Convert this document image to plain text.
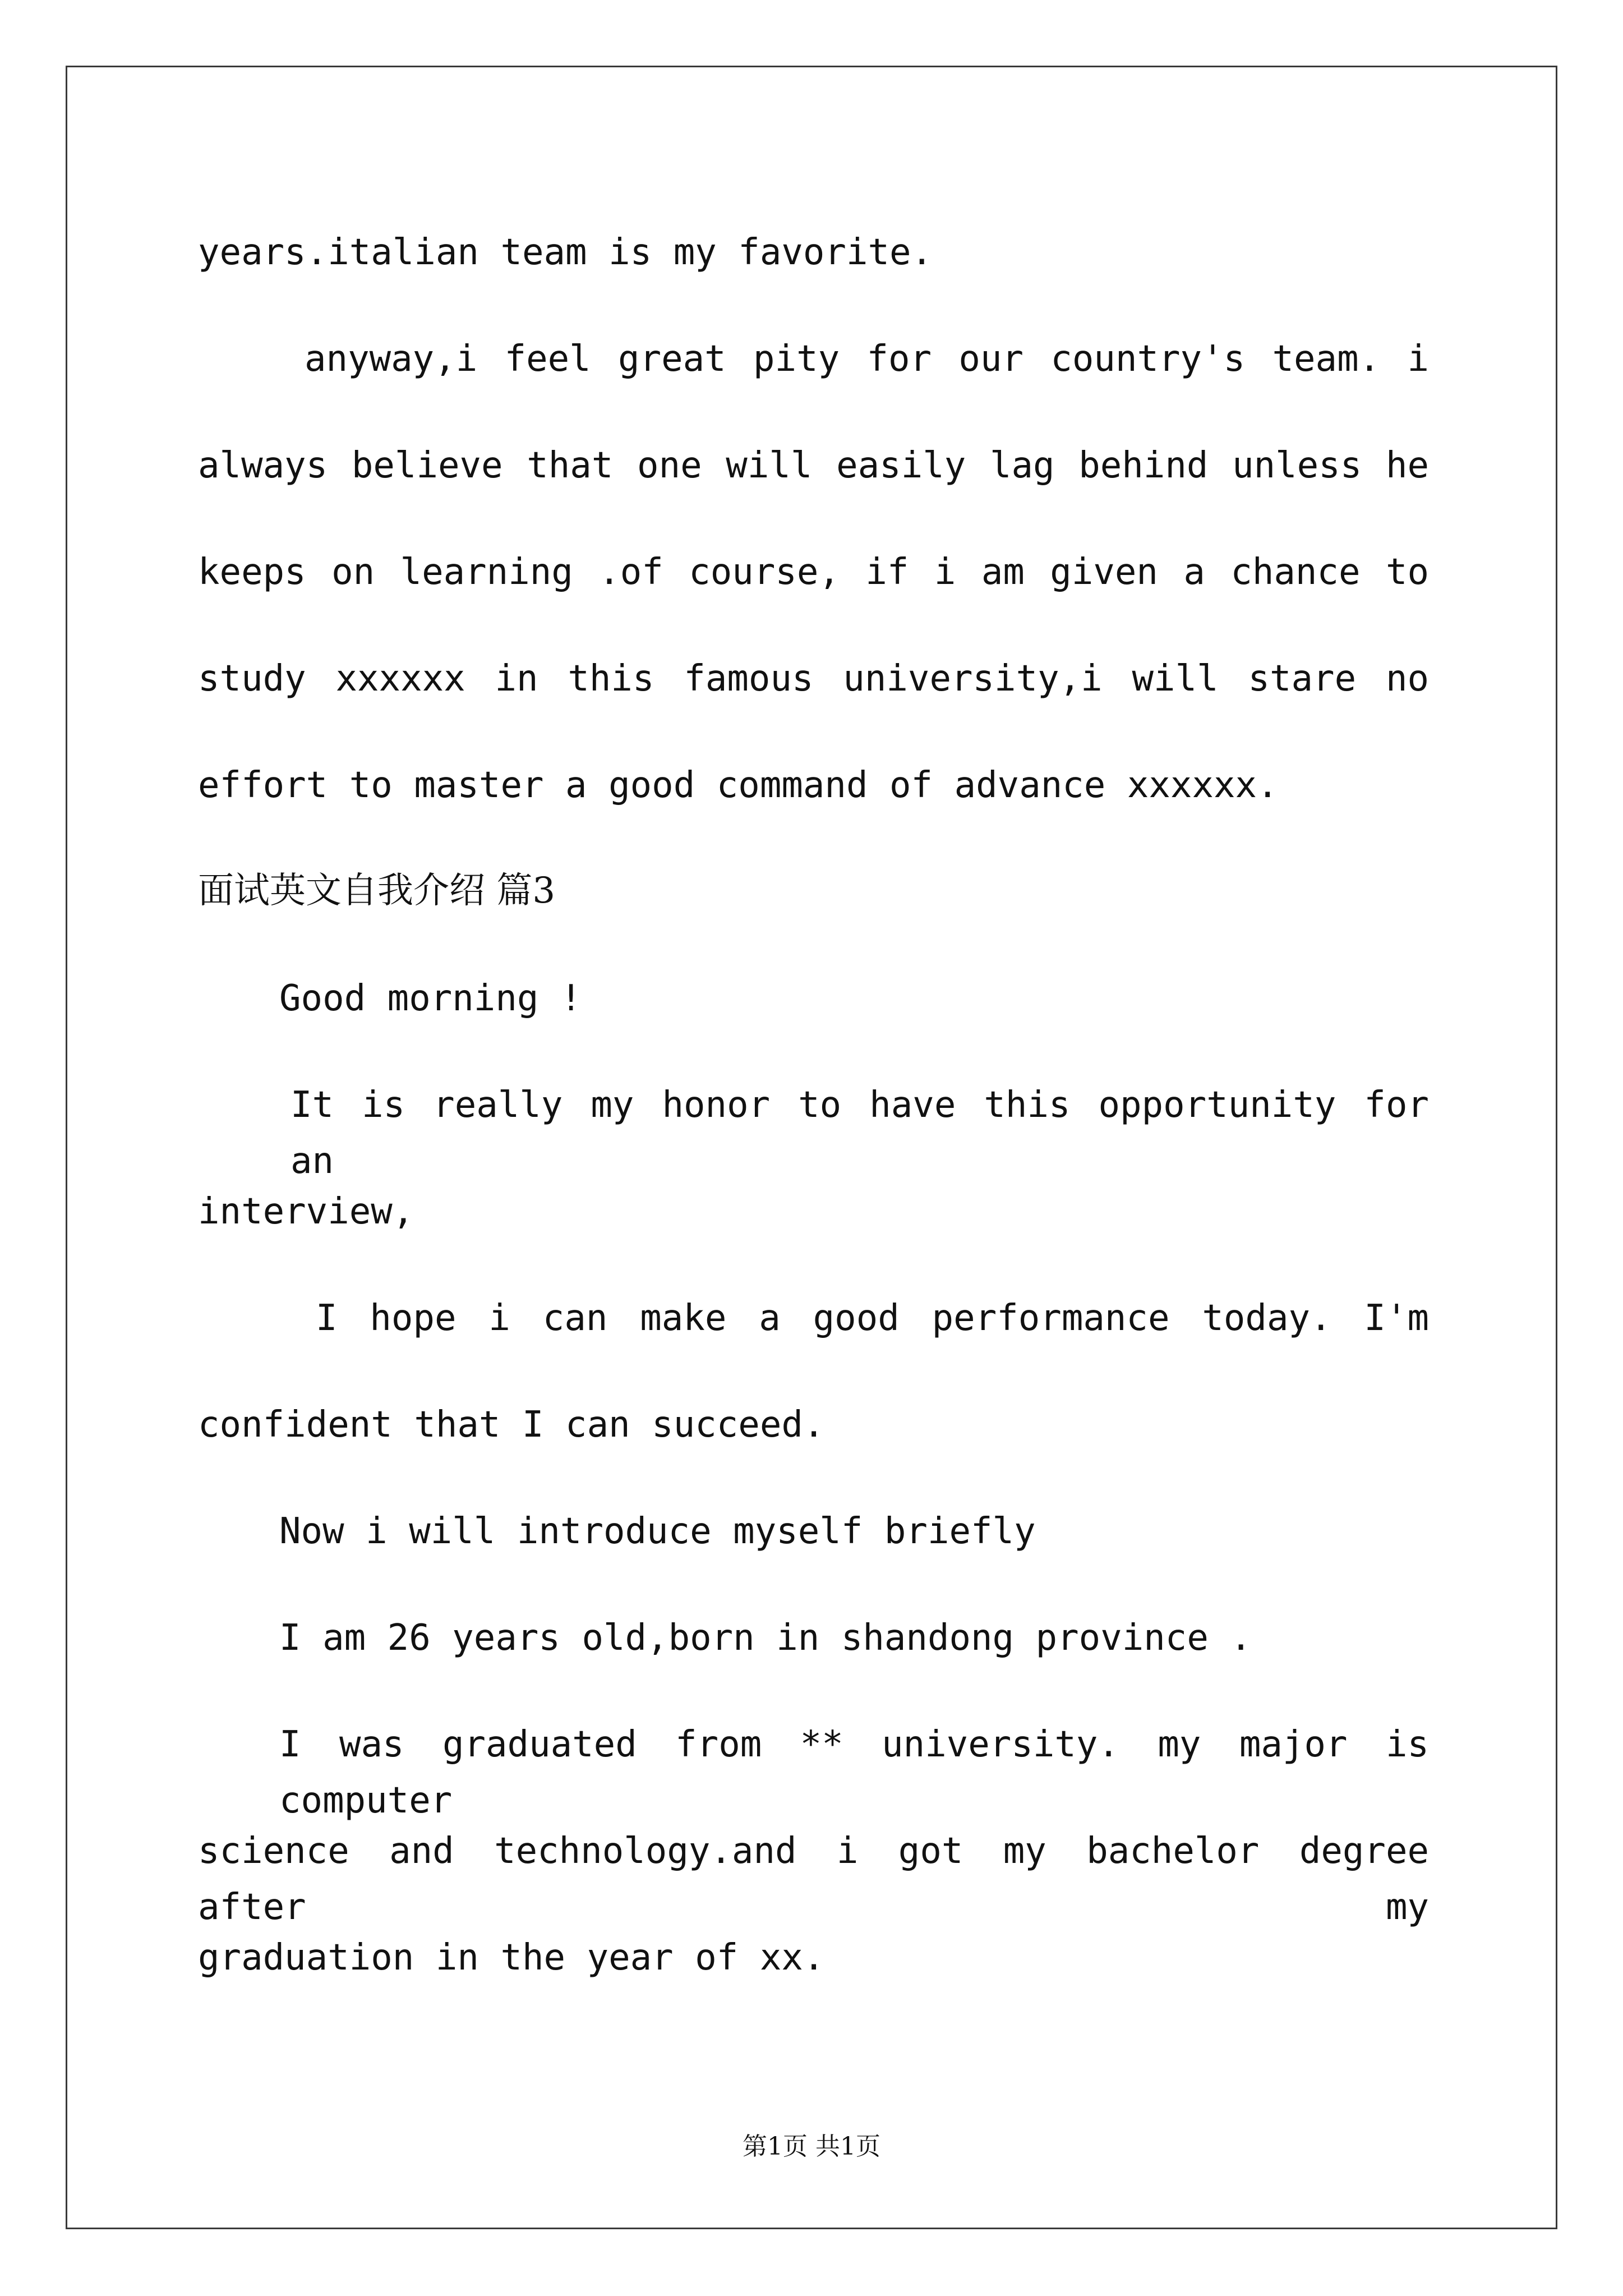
years.italian team is my favorite.
anyway,i feel great pity for our country's team. i
always believe that one will easily lag behind unless he
keeps on learning .of course, if i am given a chance to
study xxxxxx in this famous university,i will stare no
effort to master a good command of advance xxxxxx.
面试英文自我介绍 篇3
Good morning !
It is really my honor to have this opportunity for an
interview,
I hope i can make a good performance today. I'm
confident that I can succeed.
Now i will introduce myself briefly
I am 26 years old,born in shandong province .
I was graduated from ** university. my major is computer
science and technology.and i got my bachelor degree after my
graduation in the year of xx.
第1页 共1页
